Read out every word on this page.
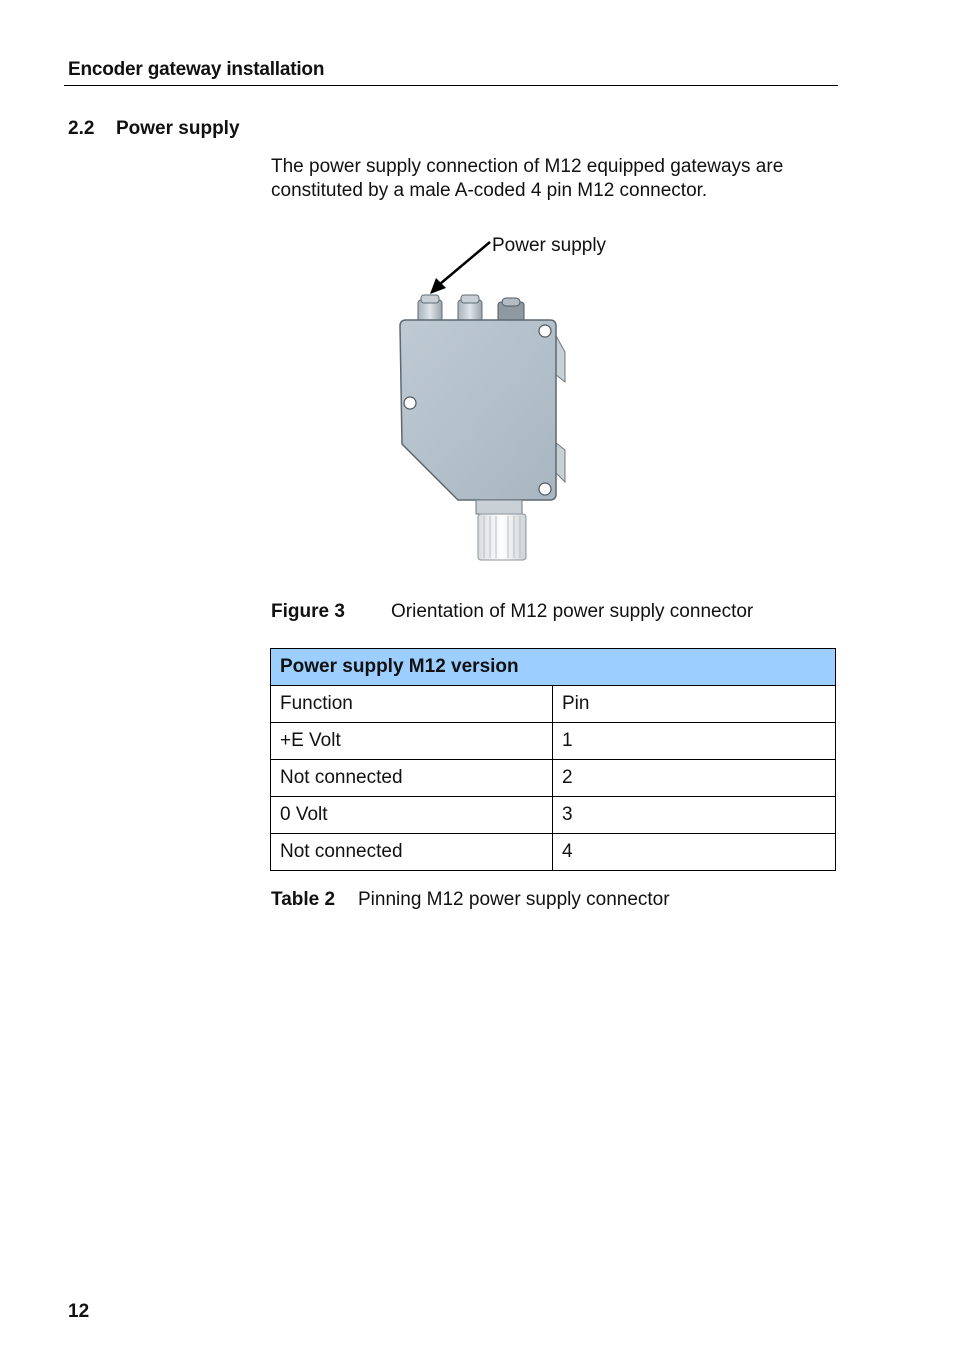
Encoder gateway installation
2.2 Power supply
The power supply connection of M12 equipped gateways are constituted by a male A-coded 4 pin M12 connector.
Power supply
Figure 3 Orientation of M12 power supply connector
Power supply M12 version	
Function	Pin
+E Volt	1
Not connected	2
0 Volt	3
Not connected	4
Table 2 Pinning M12 power supply connector
12
